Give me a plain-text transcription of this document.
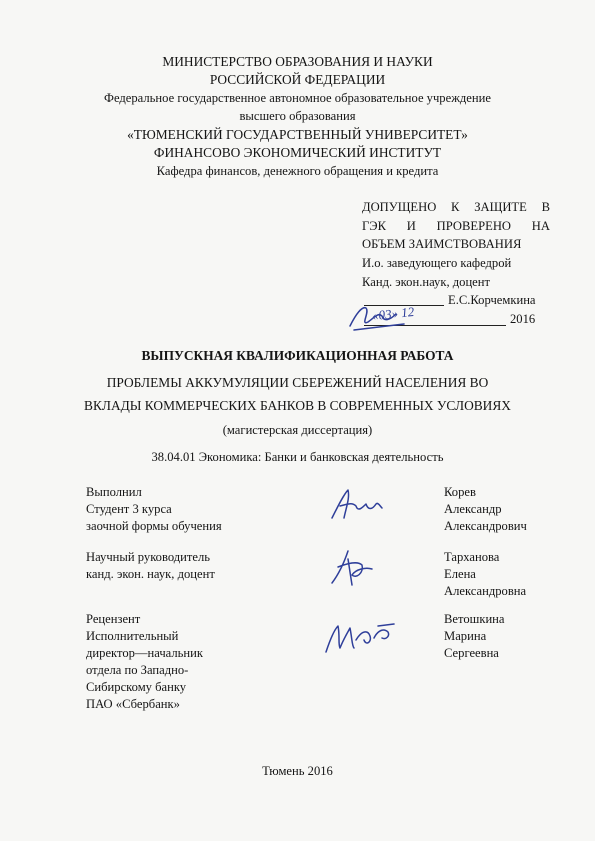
МИНИСТЕРСТВО ОБРАЗОВАНИЯ И НАУКИ
РОССИЙСКОЙ ФЕДЕРАЦИИ
Федеральное государственное автономное образовательное учреждение
высшего образования
«ТЮМЕНСКИЙ ГОСУДАРСТВЕННЫЙ УНИВЕРСИТЕТ»
ФИНАНСОВО ЭКОНОМИЧЕСКИЙ ИНСТИТУТ
Кафедра финансов, денежного обращения и кредита
ДОПУЩЕНО К ЗАЩИТЕ В
ГЭК И ПРОВЕРЕНО НА
ОБЪЕМ ЗАИМСТВОВАНИЯ
И.о. заведующего кафедрой
Канд. экон.наук, доцент
Е.С.Корчемкина
«03» 12	2016
ВЫПУСКНАЯ КВАЛИФИКАЦИОННАЯ РАБОТА
ПРОБЛЕМЫ АККУМУЛЯЦИИ СБЕРЕЖЕНИЙ НАСЕЛЕНИЯ ВО
ВКЛАДЫ КОММЕРЧЕСКИХ БАНКОВ В СОВРЕМЕННЫХ УСЛОВИЯХ
(магистерская диссертация)
38.04.01 Экономика: Банки и банковская деятельность
Выполнил
Студент 3 курса
заочной формы обучения
Корев
Александр
Александрович
Научный руководитель
канд. экон. наук, доцент
Тарханова
Елена
Александровна
Рецензент
Исполнительный
директор—начальник
отдела по Западно-
Сибирскому банку
ПАО «Сбербанк»
Ветошкина
Марина
Сергеевна
Тюмень 2016
